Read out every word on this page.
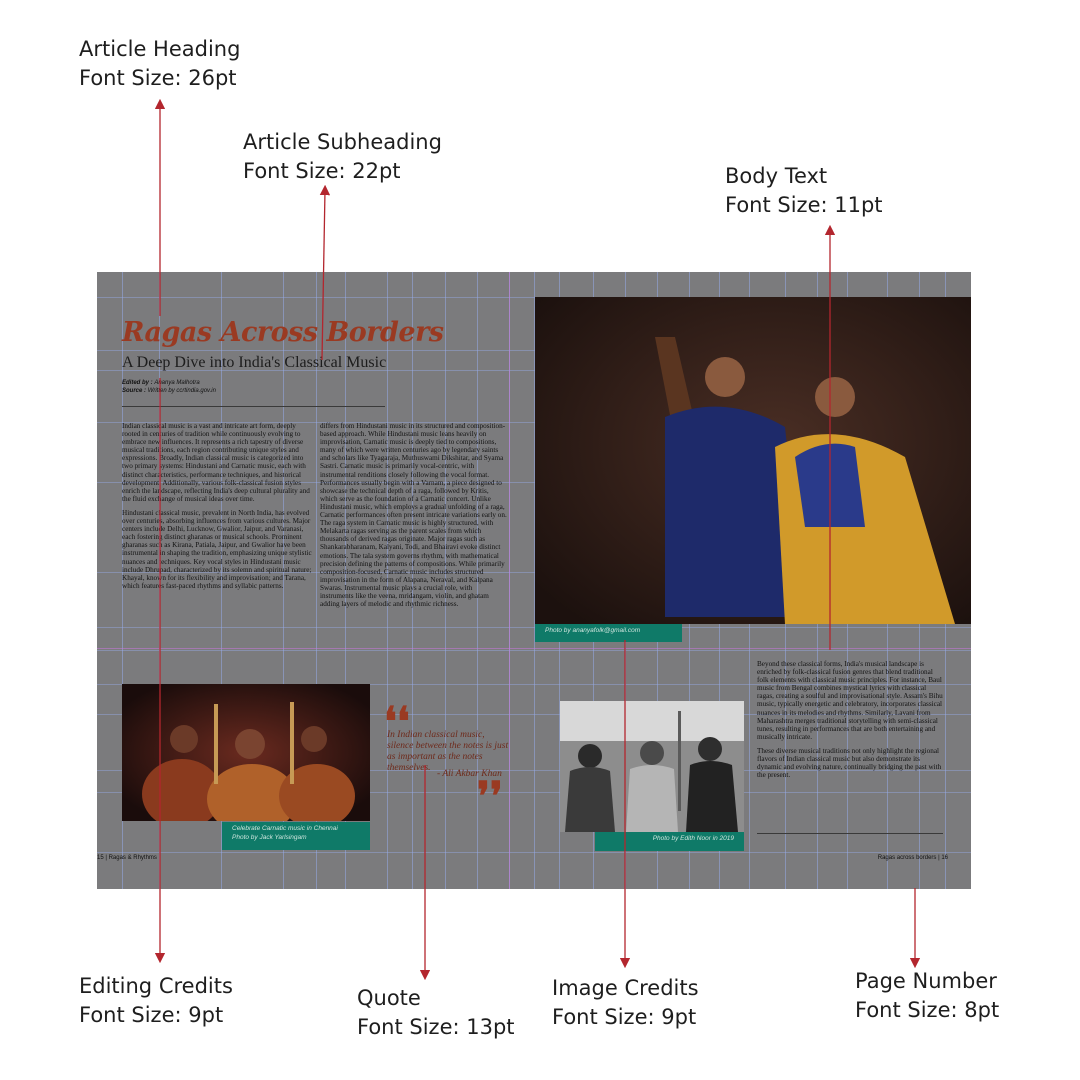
Article Heading
Font Size: 26pt
Article Subheading
Font Size: 22pt	Body Text
Font Size: 11pt
Editing Credits
Font Size: 9pt
Quote
Font Size: 13pt
Image Credits
Font Size: 9pt
Page Number
Font Size: 8pt
Ragas Across Borders
A Deep Dive into India's Classical Music
Edited by : Ananya Malhotra
Source : Written by ccrtindia.gov.in

Indian classical music is a vast and intricate art form, deeply rooted in centuries of tradition while continuously evolving to embrace new influences. It represents a rich tapestry of diverse musical traditions, each region contributing unique styles and expressions. Broadly, Indian classical music is categorized into two primary systems: Hindustani and Carnatic music, each with distinct characteristics, performance techniques, and historical development. Additionally, various folk-classical fusion styles enrich the landscape, reflecting India's deep cultural plurality and the fluid exchange of musical ideas over time.

Hindustani classical music, prevalent in North India, has evolved over centuries, absorbing influences from various cultures. Major centers include Delhi, Lucknow, Gwalior, Jaipur, and Varanasi, each fostering distinct gharanas or musical schools. Prominent gharanas such as Kirana, Patiala, Jaipur, and Gwalior have been instrumental in shaping the tradition, emphasizing unique stylistic nuances and techniques. Key vocal styles in Hindustani music include Dhrupad, characterized by its solemn and spiritual nature; Khayal, known for its flexibility and improvisation; and Tarana, which features fast-paced rhythms and syllabic patterns.

differs from Hindustani music in its structured and composition-based approach. While Hindustani music leans heavily on improvisation, Carnatic music is deeply tied to compositions, many of which were written centuries ago by legendary saints and scholars like Tyagaraja, Muthuswami Dikshitar, and Syama Sastri. Carnatic music is primarily vocal-centric, with instrumental renditions closely following the vocal format. Performances usually begin with a Varnam, a piece designed to showcase the technical depth of a raga, followed by Kritis, which serve as the foundation of a Carnatic concert. Unlike Hindustani music, which employs a gradual unfolding of a raga, Carnatic performances often present intricate variations early on. The raga system in Carnatic music is highly structured, with Melakarta ragas serving as the parent scales from which thousands of derived ragas originate. Major ragas such as Shankarabharanam, Kalyani, Todi, and Bhairavi evoke distinct emotions. The tala system governs rhythm, with mathematical precision defining the patterns of compositions. While primarily composition-focused, Carnatic music includes structured improvisation in the form of Alapana, Neraval, and Kalpana Swaras. Instrumental music plays a crucial role, with instruments like the veena, mridangam, violin, and ghatam adding layers of melodic and rhythmic richness.

Celebrate Carnatic music in Chennai
Photo by Jack Yarlsingam
❛❛
In Indian classical music, silence between the notes is just as important as the notes themselves.
- Ali Akbar Khan
❜❜
15 | Ragas & Rhythms
Photo by ananyafolk@gmail.com
Photo by Edith Noor in 2019

Beyond these classical forms, India's musical landscape is enriched by folk-classical fusion genres that blend traditional folk elements with classical music principles. For instance, Baul music from Bengal combines mystical lyrics with classical ragas, creating a soulful and improvisational style. Assam's Bihu music, typically energetic and celebratory, incorporates classical nuances in its melodies and rhythms. Similarly, Lavani from Maharashtra merges traditional storytelling with semi-classical tunes, resulting in performances that are both entertaining and musically intricate.

These diverse musical traditions not only highlight the regional flavors of Indian classical music but also demonstrate its dynamic and evolving nature, continually bridging the past with the present.

Ragas across borders | 16
